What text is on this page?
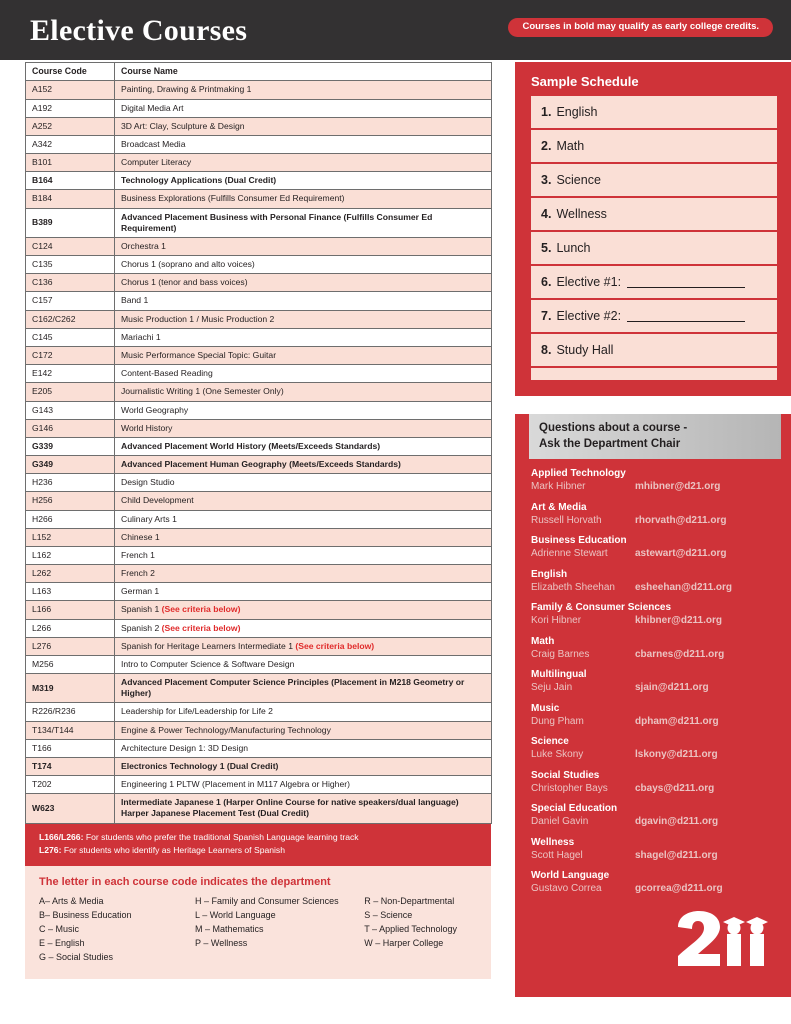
Elective Courses	Courses in bold may qualify as early college credits.
Course Code	Course Name
A152	Painting, Drawing & Printmaking 1
A192	Digital Media Art
A252	3D Art: Clay, Sculpture & Design
A342	Broadcast Media
B101	Computer Literacy
B164	Technology Applications (Dual Credit)
B184	Business Explorations (Fulfills Consumer Ed Requirement)
B389	Advanced Placement Business with Personal Finance (Fulfills Consumer Ed Requirement)
C124	Orchestra 1
C135	Chorus 1 (soprano and alto voices)
C136	Chorus 1 (tenor and bass voices)
C157	Band 1
C162/C262	Music Production 1 / Music Production 2
C145	Mariachi 1
C172	Music Performance Special Topic: Guitar
E142	Content-Based Reading
E205	Journalistic Writing 1 (One Semester Only)
G143	World Geography
G146	World History
G339	Advanced Placement World History (Meets/Exceeds Standards)
G349	Advanced Placement Human Geography (Meets/Exceeds Standards)
H236	Design Studio
H256	Child Development
H266	Culinary Arts 1
L152	Chinese 1
L162	French 1
L262	French 2
L163	German 1
L166	Spanish 1 (See criteria below)
L266	Spanish 2 (See criteria below)
L276	Spanish for Heritage Learners Intermediate 1 (See criteria below)
M256	Intro to Computer Science & Software Design
M319	Advanced Placement Computer Science Principles (Placement in M218 Geometry or Higher)
R226/R236	Leadership for Life/Leadership for Life 2
T134/T144	Engine & Power Technology/Manufacturing Technology
T166	Architecture Design 1: 3D Design
T174	Electronics Technology 1 (Dual Credit)
T202	Engineering 1 PLTW (Placement in M117 Algebra or Higher)
W623	Intermediate Japanese 1 (Harper Online Course for native speakers/dual language) Harper Japanese Placement Test (Dual Credit)
L166/L266: For students who prefer the traditional Spanish Language learning track
L276: For students who identify as Heritage Learners of Spanish
The letter in each course code indicates the department
A– Arts & Media
B– Business Education
C – Music
E – English
G – Social Studies
H – Family and Consumer Sciences
L – World Language
M – Mathematics
P – Wellness
R – Non-Departmental
S – Science
T – Applied Technology
W – Harper College
Sample Schedule
1. English
2. Math
3. Science
4. Wellness
5. Lunch
6. Elective #1:
7. Elective #2:
8. Study Hall
Questions about a course -
Ask the Department Chair
Applied Technology
Mark Hibner	mhibner@d21.org
Art & Media
Russell Horvath	rhorvath@d211.org
Business Education
Adrienne Stewart	astewart@d211.org
English
Elizabeth Sheehan	esheehan@d211.org
Family & Consumer Sciences
Kori Hibner	khibner@d211.org
Math
Craig Barnes	cbarnes@d211.org
Multilingual
Seju Jain	sjain@d211.org
Music
Dung Pham	dpham@d211.org
Science
Luke Skony	lskony@d211.org
Social Studies
Christopher Bays	cbays@d211.org
Special Education
Daniel Gavin	dgavin@d211.org
Wellness
Scott Hagel	shagel@d211.org
World Language
Gustavo Correa	gcorrea@d211.org
